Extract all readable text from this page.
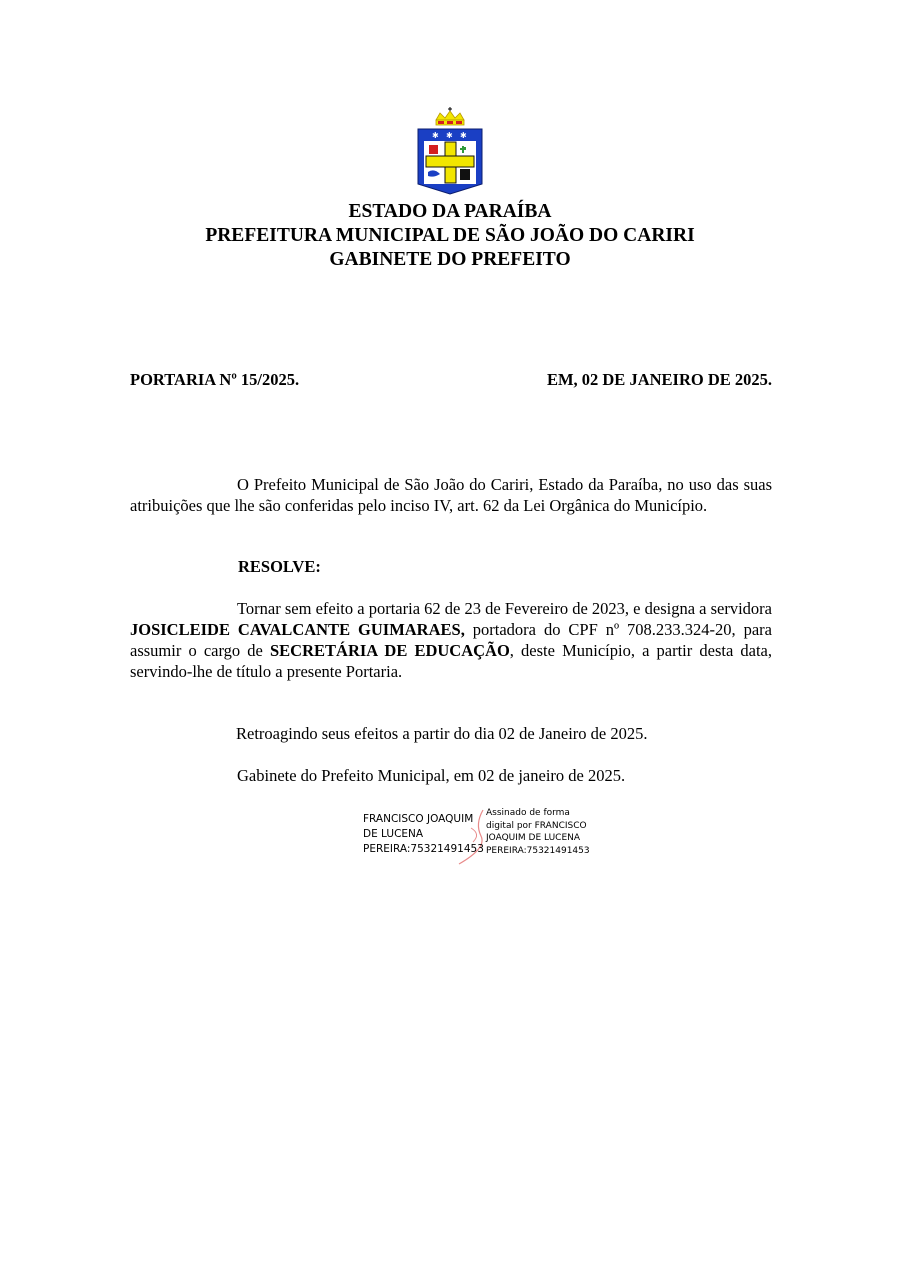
✱ ✱ ✱
ESTADO DA PARAÍBA
PREFEITURA MUNICIPAL DE SÃO JOÃO DO CARIRI
GABINETE DO PREFEITO
PORTARIA Nº 15/2025.	EM, 02 DE JANEIRO DE 2025.
O Prefeito Municipal de São João do Cariri, Estado da Paraíba, no uso das suas atribuições que lhe são conferidas pelo inciso IV, art. 62 da Lei Orgânica do Município.
RESOLVE:
Tornar sem efeito a portaria 62 de 23 de Fevereiro de 2023, e designa a servidora JOSICLEIDE CAVALCANTE GUIMARAES, portadora do CPF nº 708.233.324-20, para assumir o cargo de SECRETÁRIA DE EDUCAÇÃO, deste Município, a partir desta data, servindo-lhe de título a presente Portaria.
Retroagindo seus efeitos a partir do dia 02 de Janeiro de 2025.
Gabinete do Prefeito Municipal, em 02 de janeiro de 2025.
FRANCISCO JOAQUIM
DE LUCENA
PEREIRA:75321491453
Assinado de forma
digital por FRANCISCO
JOAQUIM DE LUCENA
PEREIRA:75321491453
